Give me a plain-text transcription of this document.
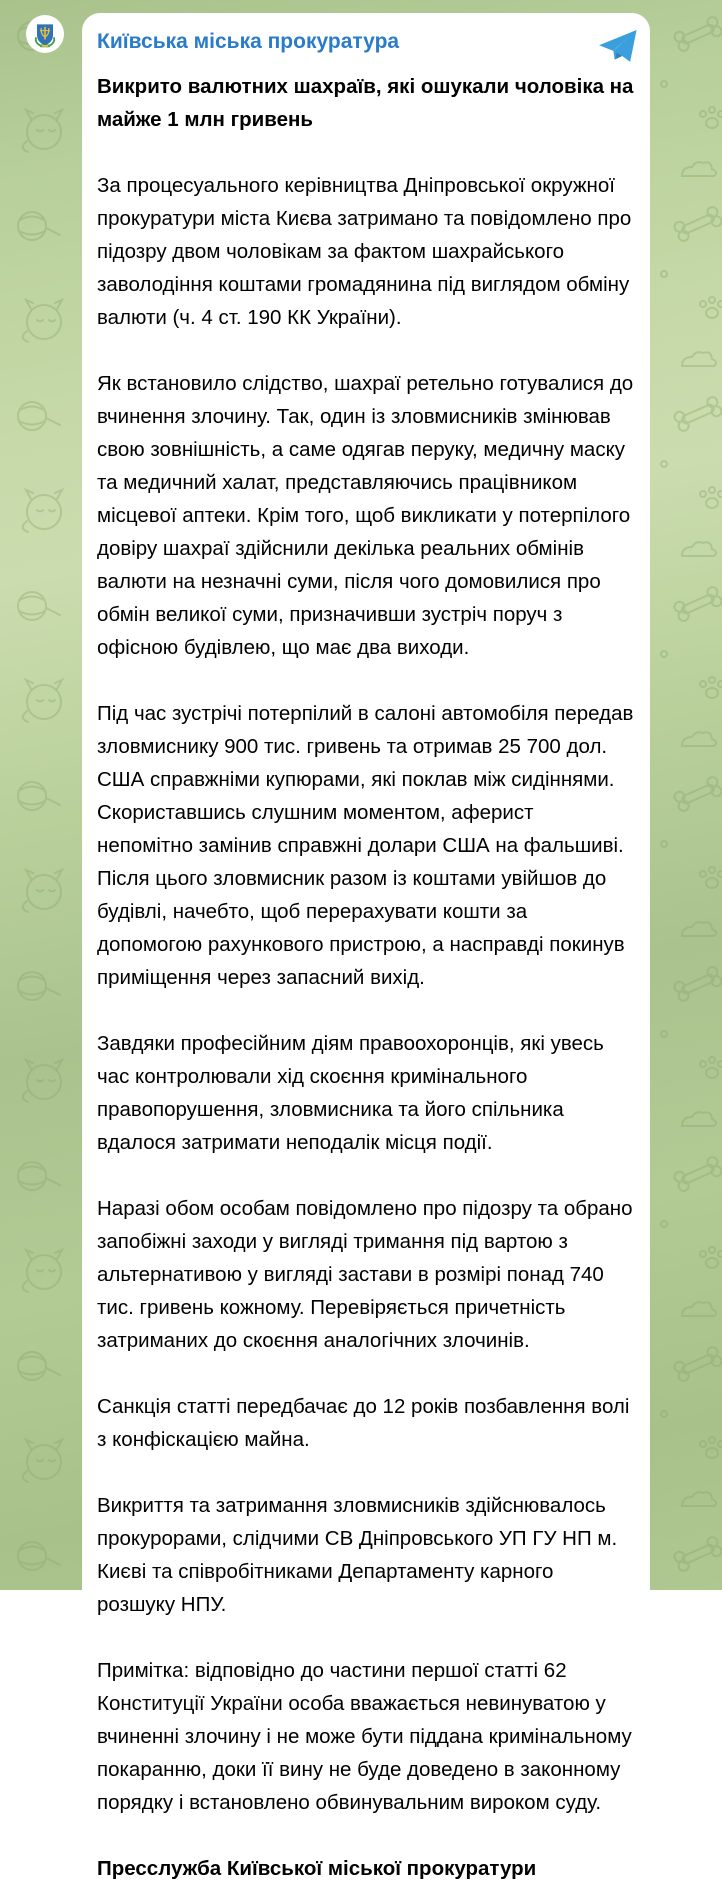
Київська міська прокуратура
Викрито валютних шахраїв, які ошукали чоловіка на майже 1 млн гривень

За процесуального керівництва Дніпровської окружної прокуратури міста Києва затримано та повідомлено про підозру двом чоловікам за фактом шахрайського заволодіння коштами громадянина під виглядом обміну валюти (ч. 4 ст. 190 КК України).

Як встановило слідство, шахраї ретельно готувалися до вчинення злочину. Так, один із зловмисників змінював свою зовнішність, а саме одягав перуку, медичну маску та медичний халат, представляючись працівником місцевої аптеки. Крім того, щоб викликати у потерпілого довіру шахраї здійснили декілька реальних обмінів валюти на незначні суми, після чого домовилися про обмін великої суми, призначивши зустріч поруч з офісною будівлею, що має два виходи.

Під час зустрічі потерпілий в салоні автомобіля передав зловмиснику 900 тис. гривень та отримав 25 700 дол. США справжніми купюрами, які поклав між сидіннями. Скориставшись слушним моментом, аферист непомітно замінив справжні долари США на фальшиві. Після цього зловмисник разом із коштами увійшов до будівлі, начебто, щоб перерахувати кошти за допомогою рахункового пристрою, а насправді покинув приміщення через запасний вихід.

Завдяки професійним діям правоохоронців, які увесь час контролювали хід скоєння кримінального правопорушення, зловмисника та його спільника вдалося затримати неподалік місця події.

Наразі обом особам повідомлено про підозру та обрано запобіжні заходи у вигляді тримання під вартою з альтернативою у вигляді застави в розмірі понад 740 тис. гривень кожному. Перевіряється причетність затриманих до скоєння аналогічних злочинів.

Санкція статті передбачає до 12 років позбавлення волі з конфіскацією майна.

Викриття та затримання зловмисників здійснювалось прокурорами, слідчими СВ Дніпровського УП ГУ НП м. Києві та співробітниками Департаменту карного розшуку НПУ.

Примітка: відповідно до частини першої статті 62 Конституції України особа вважається невинуватою у вчиненні злочину і не може бути піддана кримінальному покаранню, доки її вину не буде доведено в законному порядку і встановлено обвинувальним вироком суду.

Пресслужба Київської міської прокуратури
